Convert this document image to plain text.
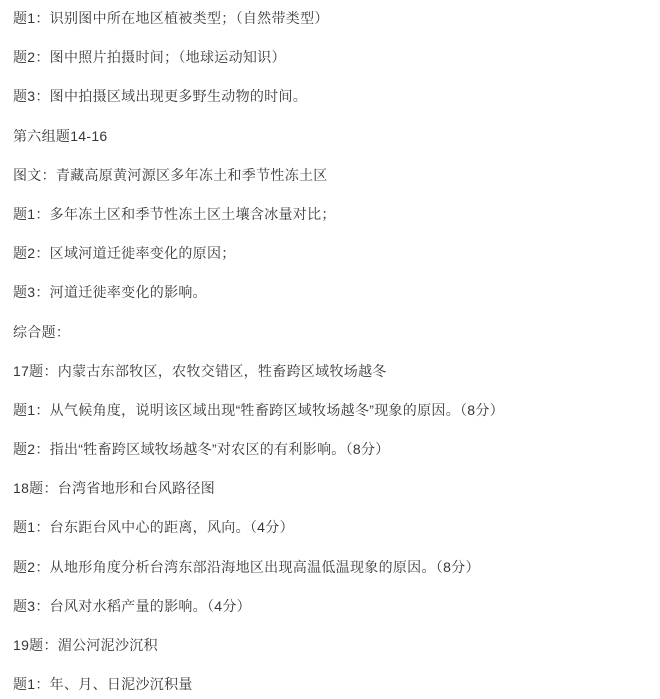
题1：识别图中所在地区植被类型；（自然带类型）

题2：图中照片拍摄时间；（地球运动知识）

题3：图中拍摄区域出现更多野生动物的时间。

第六组题14-16

图文：青藏高原黄河源区多年冻土和季节性冻土区

题1：多年冻土区和季节性冻土区土壤含冰量对比；

题2：区域河道迁徙率变化的原因；

题3：河道迁徙率变化的影响。

综合题：

17题：内蒙古东部牧区，农牧交错区，牲畜跨区域牧场越冬

题1：从气候角度，说明该区域出现“牲畜跨区域牧场越冬”现象的原因。（8分）

题2：指出“牲畜跨区域牧场越冬”对农区的有利影响。（8分）

18题：台湾省地形和台风路径图

题1：台东距台风中心的距离，风向。（4分）

题2：从地形角度分析台湾东部沿海地区出现高温低温现象的原因。（8分）

题3：台风对水稻产量的影响。（4分）

19题：湄公河泥沙沉积

题1：年、月、日泥沙沉积量
